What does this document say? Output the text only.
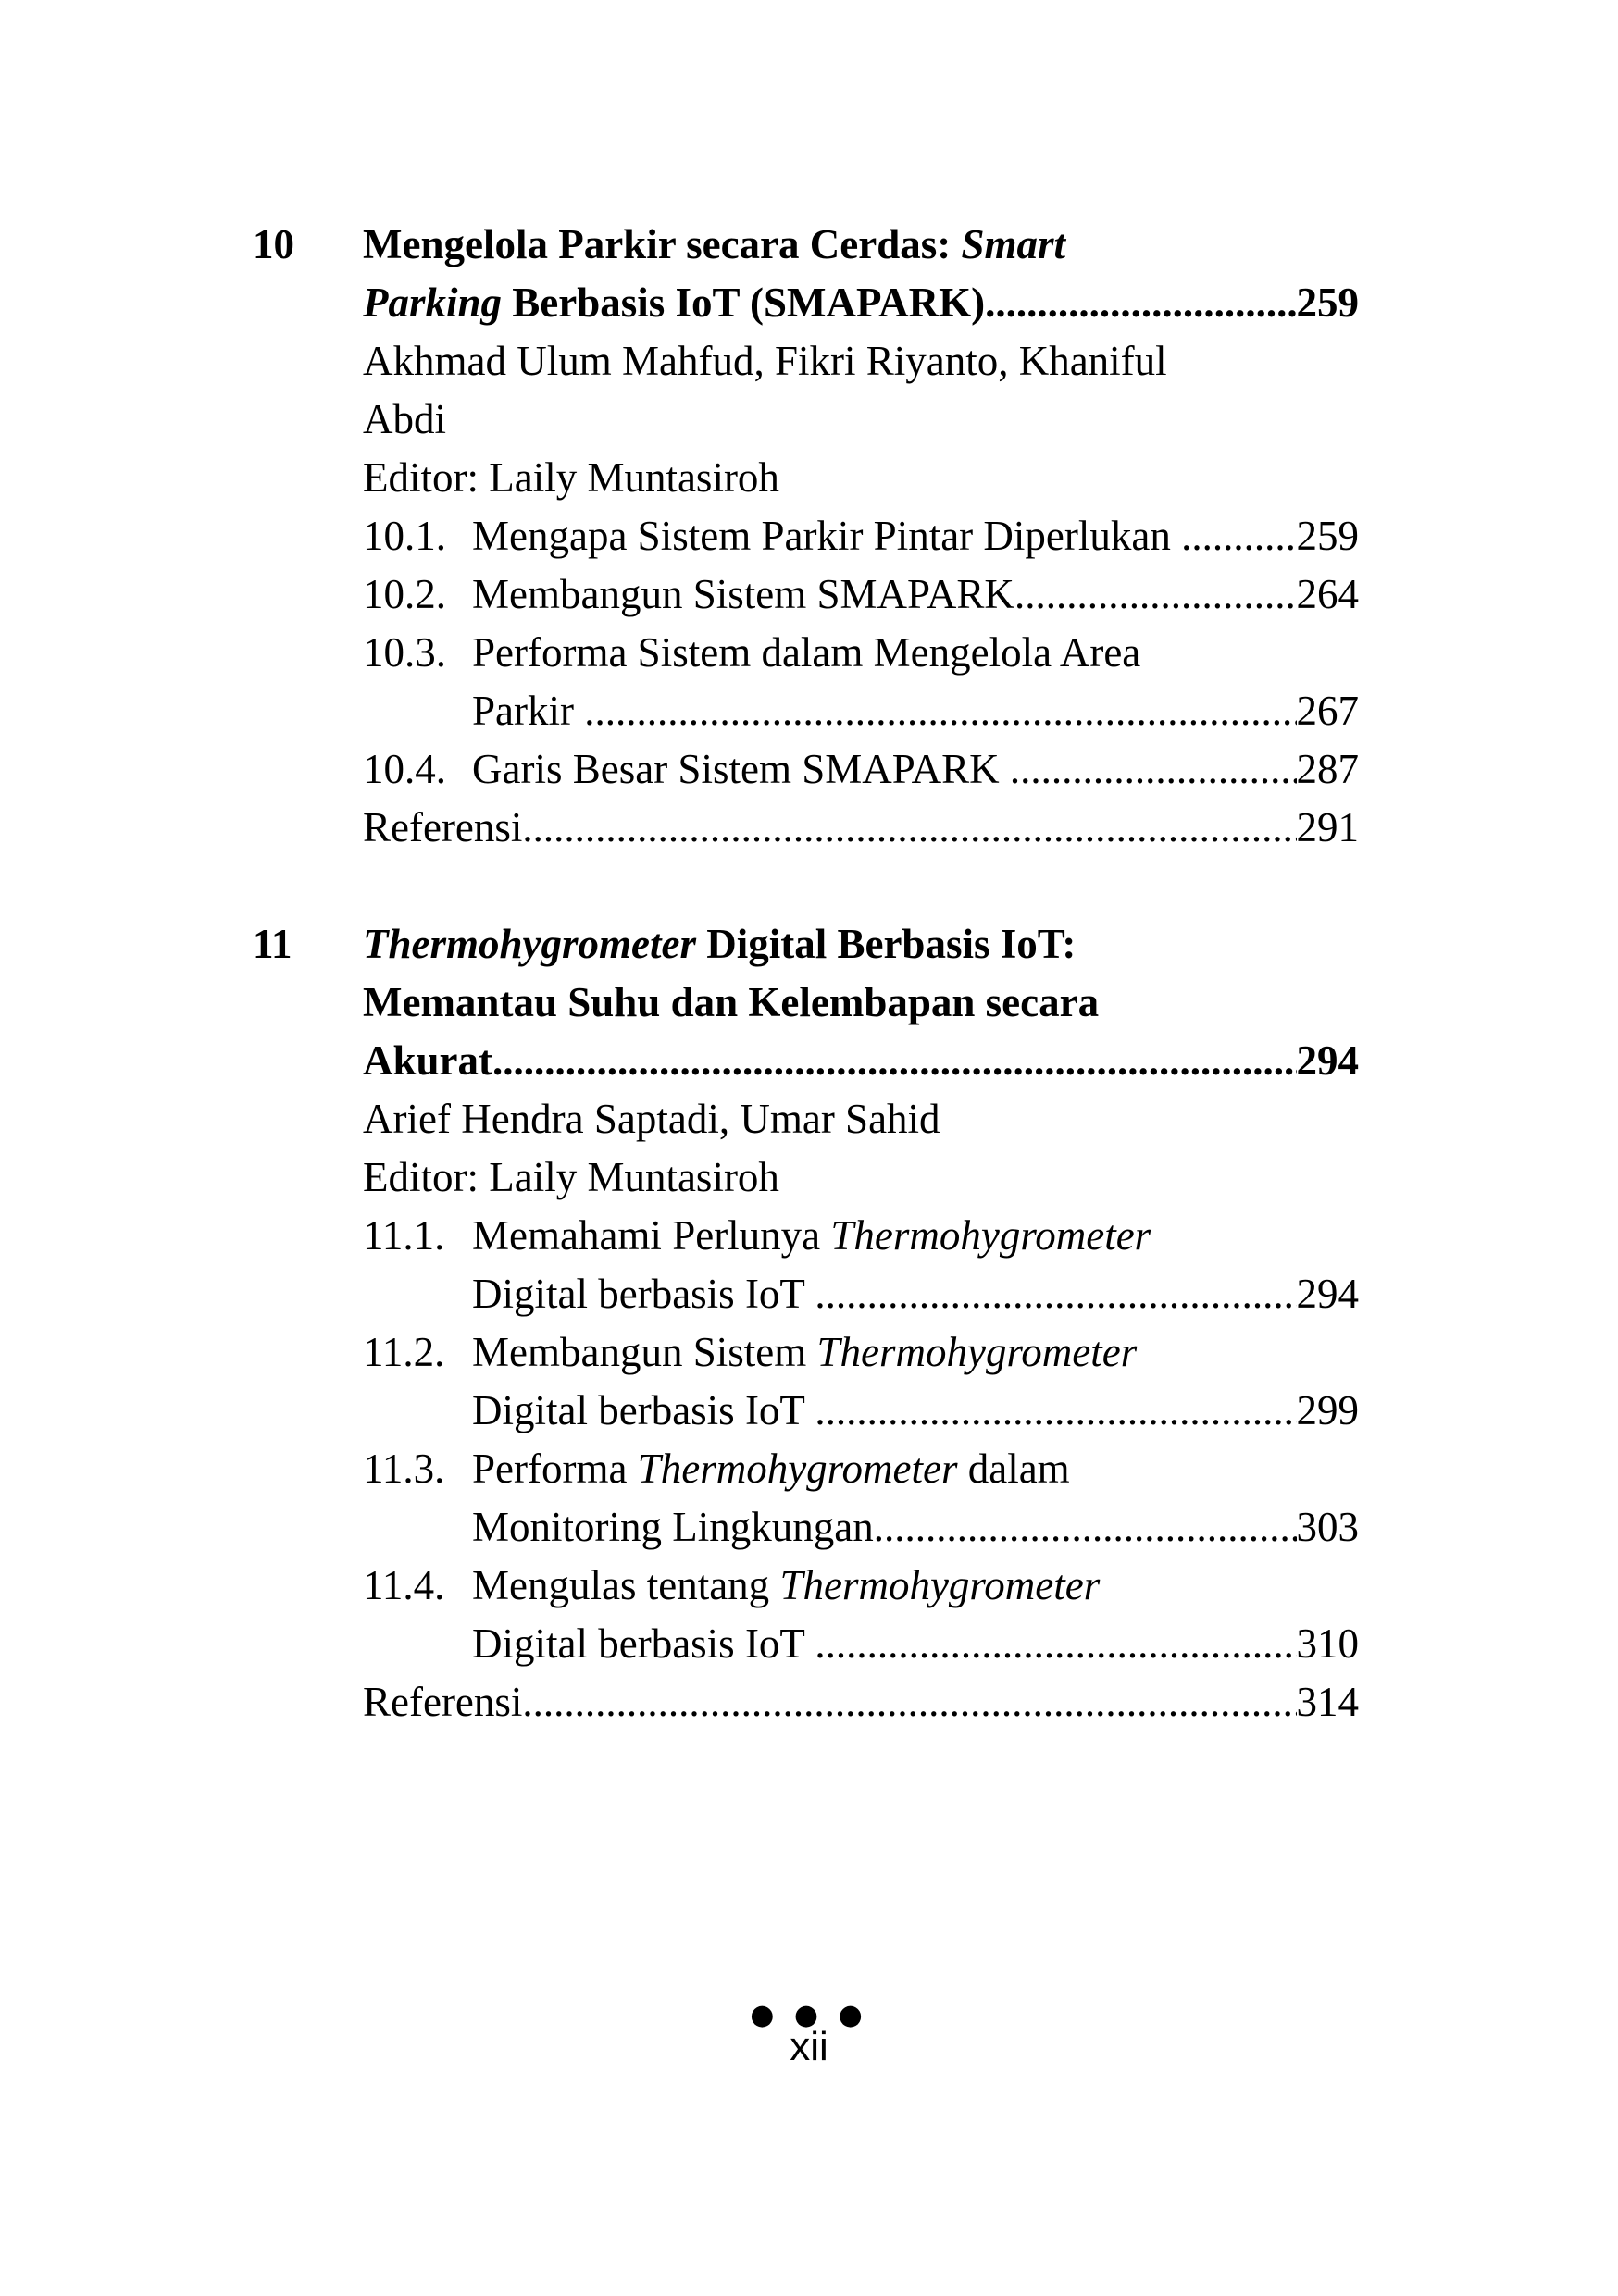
10 Mengelola Parkir secara Cerdas: Smart
Parking Berbasis IoT (SMAPARK) .....	259
Akhmad Ulum Mahfud, Fikri Riyanto, Khaniful
Abdi
Editor: Laily Muntasiroh
10.1. Mengapa Sistem Parkir Pintar Diperlukan .....	259
10.2. Membangun Sistem SMAPARK .....	264
10.3. Performa Sistem dalam Mengelola Area
Parkir .....	267
10.4. Garis Besar Sistem SMAPARK .....	287
Referensi .....	291
11 Thermohygrometer Digital Berbasis IoT:
Memantau Suhu dan Kelembapan secara
Akurat .....	294
Arief Hendra Saptadi, Umar Sahid
Editor: Laily Muntasiroh
11.1. Memahami Perlunya Thermohygrometer
Digital berbasis IoT .....	294
11.2. Membangun Sistem Thermohygrometer
Digital berbasis IoT .....	299
11.3. Performa Thermohygrometer dalam
Monitoring Lingkungan .....	303
11.4. Mengulas tentang Thermohygrometer
Digital berbasis IoT .....	310
Referensi .....	314
● ● ●
xii
